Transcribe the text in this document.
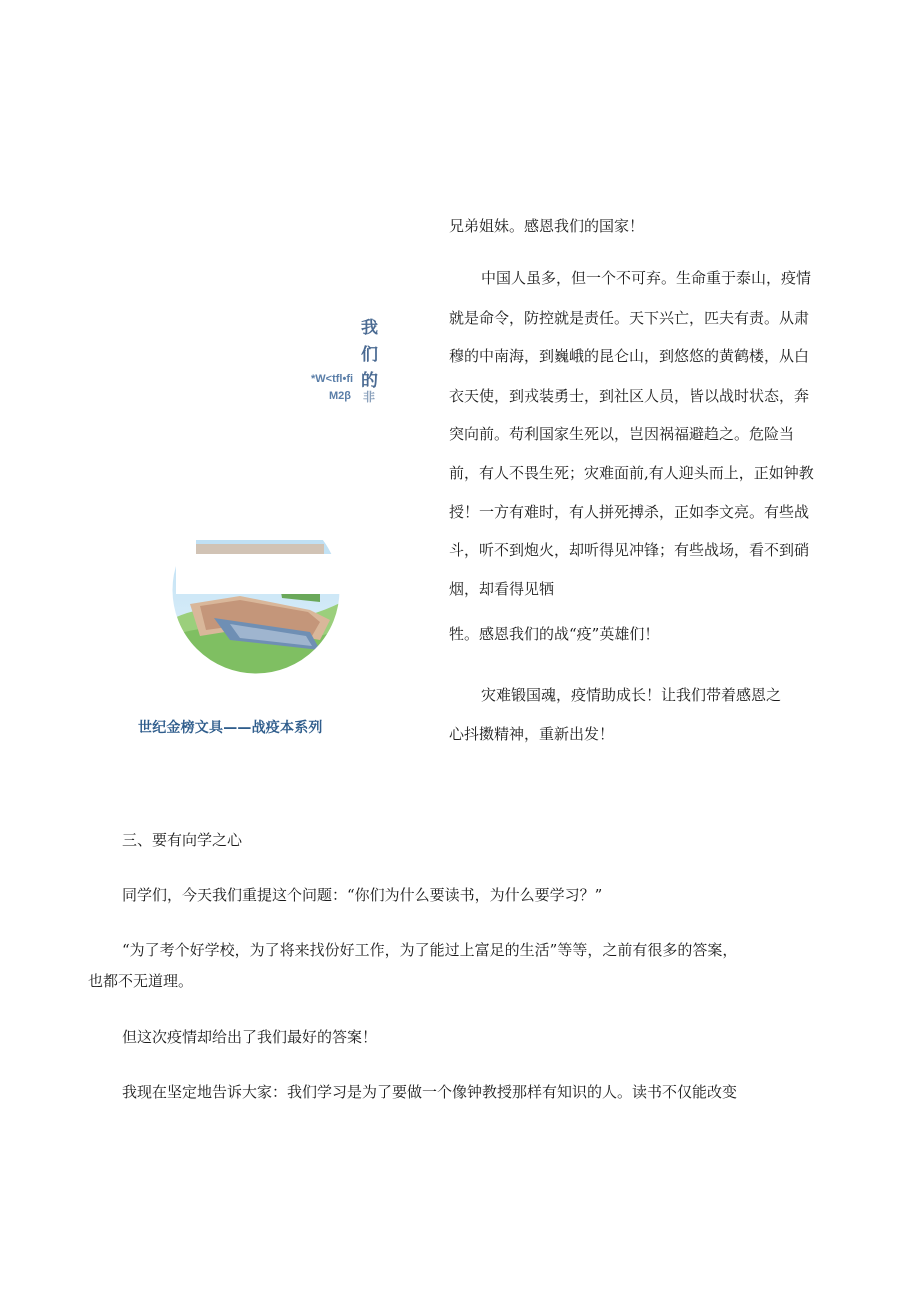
我
们
的
非
*W<tfl•fi
M2β
世纪金榜文具——战疫本系列
兄弟姐妹。感恩我们的国家！
中国人虽多，但一个不可弃。生命重于泰山，疫情
就是命令，防控就是责任。天下兴亡，匹夫有责。从肃
穆的中南海，到巍峨的昆仑山，到悠悠的黄鹤楼，从白
衣天使，到戎装勇士，到社区人员，皆以战时状态，奔
突向前。苟利国家生死以，岂因祸福避趋之。危险当
前，有人不畏生死；灾难面前,有人迎头而上，正如钟教
授！一方有难时，有人拼死搏杀，正如李文亮。有些战
斗，听不到炮火，却听得见冲锋；有些战场，看不到硝
烟，却看得见牺
牲。感恩我们的战“疫”英雄们！
灾难锻国魂，疫情助成长！让我们带着感恩之
心抖擞精神，重新出发！
三、要有向学之心
同学们，今天我们重提这个问题：“你们为什么要读书，为什么要学习？”
“为了考个好学校，为了将来找份好工作，为了能过上富足的生活”等等，之前有很多的答案，
也都不无道理。
但这次疫情却给出了我们最好的答案！
我现在坚定地告诉大家：我们学习是为了要做一个像钟教授那样有知识的人。读书不仅能改变
